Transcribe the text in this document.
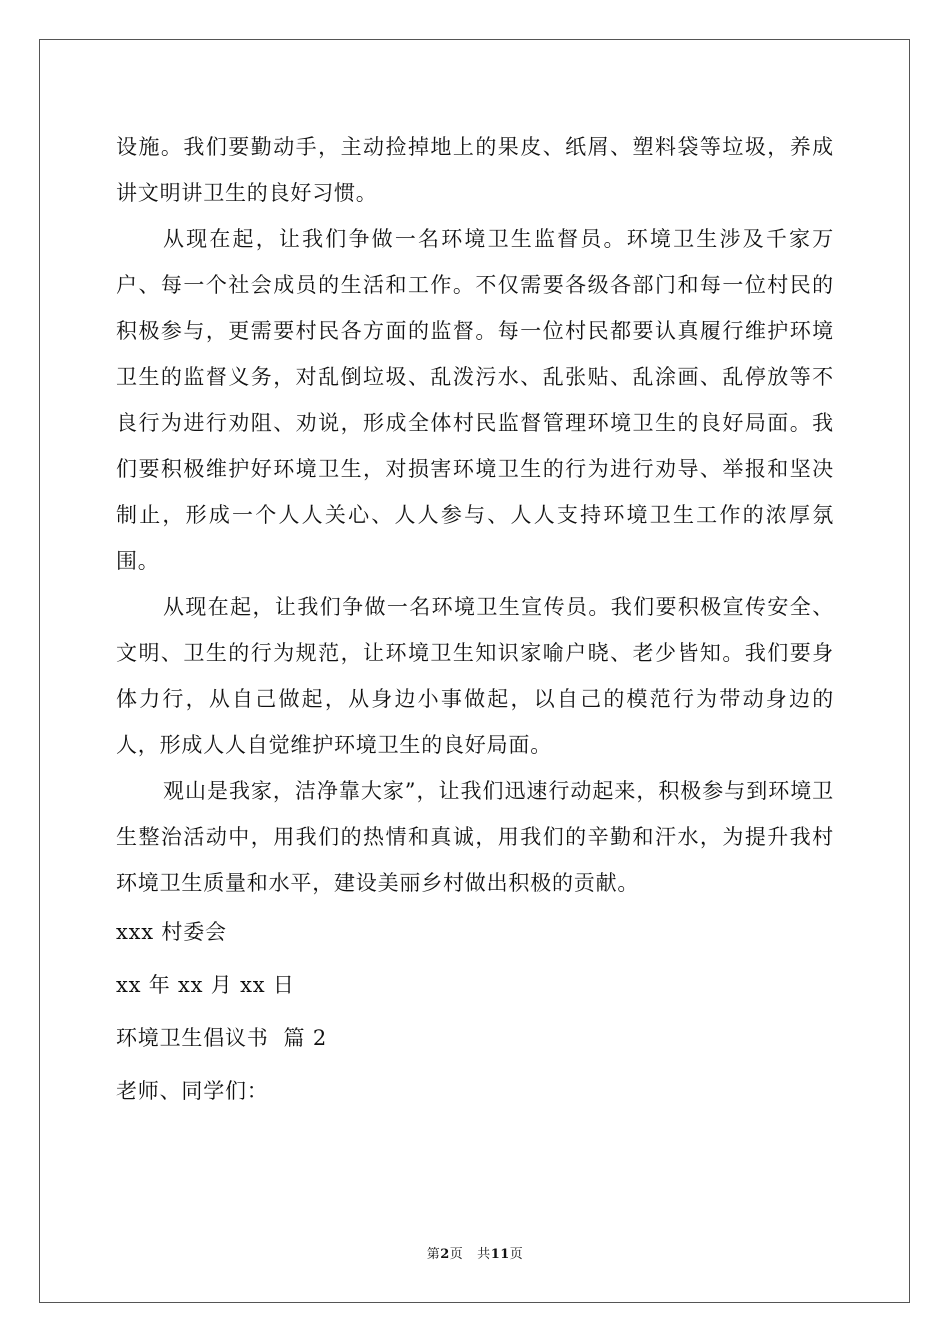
设施。我们要勤动手，主动捡掉地上的果皮、纸屑、塑料袋等垃圾，养成讲文明讲卫生的良好习惯。

从现在起，让我们争做一名环境卫生监督员。环境卫生涉及千家万户、每一个社会成员的生活和工作。不仅需要各级各部门和每一位村民的积极参与，更需要村民各方面的监督。每一位村民都要认真履行维护环境卫生的监督义务，对乱倒垃圾、乱泼污水、乱张贴、乱涂画、乱停放等不良行为进行劝阻、劝说，形成全体村民监督管理环境卫生的良好局面。我们要积极维护好环境卫生，对损害环境卫生的行为进行劝导、举报和坚决制止，形成一个人人关心、人人参与、人人支持环境卫生工作的浓厚氛围。

从现在起，让我们争做一名环境卫生宣传员。我们要积极宣传安全、文明、卫生的行为规范，让环境卫生知识家喻户晓、老少皆知。我们要身体力行，从自己做起，从身边小事做起，以自己的模范行为带动身边的人，形成人人自觉维护环境卫生的良好局面。

观山是我家，洁净靠大家”，让我们迅速行动起来，积极参与到环境卫生整治活动中，用我们的热情和真诚，用我们的辛勤和汗水，为提升我村环境卫生质量和水平，建设美丽乡村做出积极的贡献。

xxx 村委会

xx 年 xx 月 xx 日

环境卫生倡议书  篇 2

老师、同学们：

第2页 共11页
